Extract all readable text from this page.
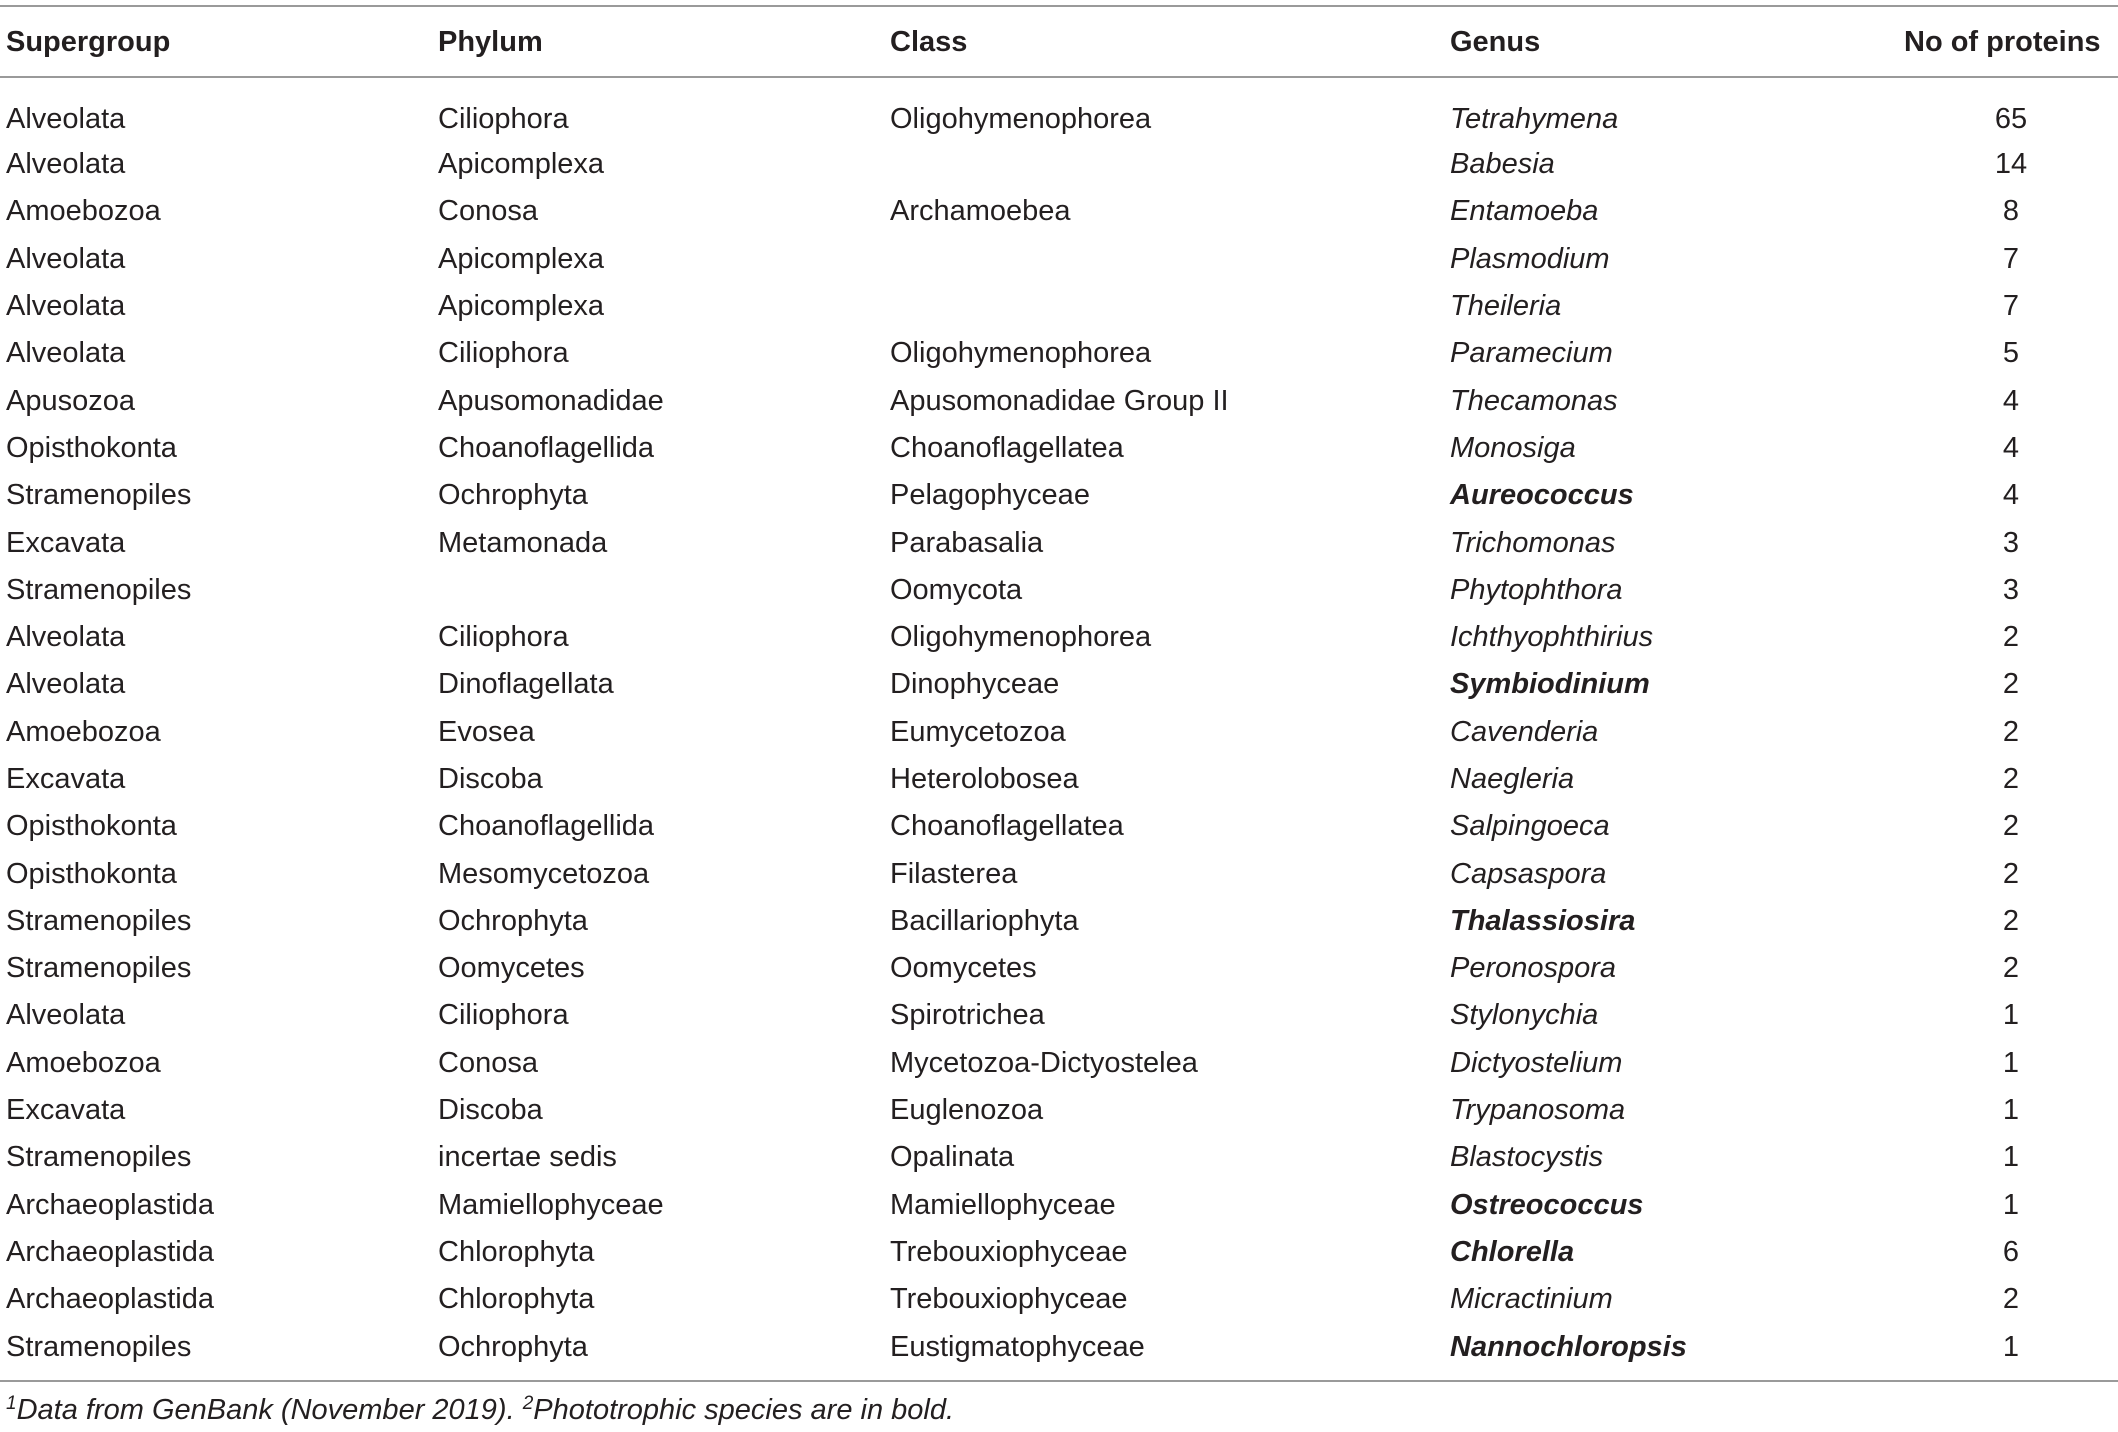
Supergroup	Phylum	Class	Genus	No of proteins
Alveolata	Ciliophora	Oligohymenophorea	Tetrahymena	65
Alveolata	Apicomplexa		Babesia	14
Amoebozoa	Conosa	Archamoebea	Entamoeba	8
Alveolata	Apicomplexa		Plasmodium	7
Alveolata	Apicomplexa		Theileria	7
Alveolata	Ciliophora	Oligohymenophorea	Paramecium	5
Apusozoa	Apusomonadidae	Apusomonadidae Group II	Thecamonas	4
Opisthokonta	Choanoflagellida	Choanoflagellatea	Monosiga	4
Stramenopiles	Ochrophyta	Pelagophyceae	Aureococcus	4
Excavata	Metamonada	Parabasalia	Trichomonas	3
Stramenopiles		Oomycota	Phytophthora	3
Alveolata	Ciliophora	Oligohymenophorea	Ichthyophthirius	2
Alveolata	Dinoflagellata	Dinophyceae	Symbiodinium	2
Amoebozoa	Evosea	Eumycetozoa	Cavenderia	2
Excavata	Discoba	Heterolobosea	Naegleria	2
Opisthokonta	Choanoflagellida	Choanoflagellatea	Salpingoeca	2
Opisthokonta	Mesomycetozoa	Filasterea	Capsaspora	2
Stramenopiles	Ochrophyta	Bacillariophyta	Thalassiosira	2
Stramenopiles	Oomycetes	Oomycetes	Peronospora	2
Alveolata	Ciliophora	Spirotrichea	Stylonychia	1
Amoebozoa	Conosa	Mycetozoa-Dictyostelea	Dictyostelium	1
Excavata	Discoba	Euglenozoa	Trypanosoma	1
Stramenopiles	incertae sedis	Opalinata	Blastocystis	1
Archaeoplastida	Mamiellophyceae	Mamiellophyceae	Ostreococcus	1
Archaeoplastida	Chlorophyta	Trebouxiophyceae	Chlorella	6
Archaeoplastida	Chlorophyta	Trebouxiophyceae	Micractinium	2
Stramenopiles	Ochrophyta	Eustigmatophyceae	Nannochloropsis	1
$^1$Data from GenBank (November 2019). $^2$Phototrophic species are in bold.
